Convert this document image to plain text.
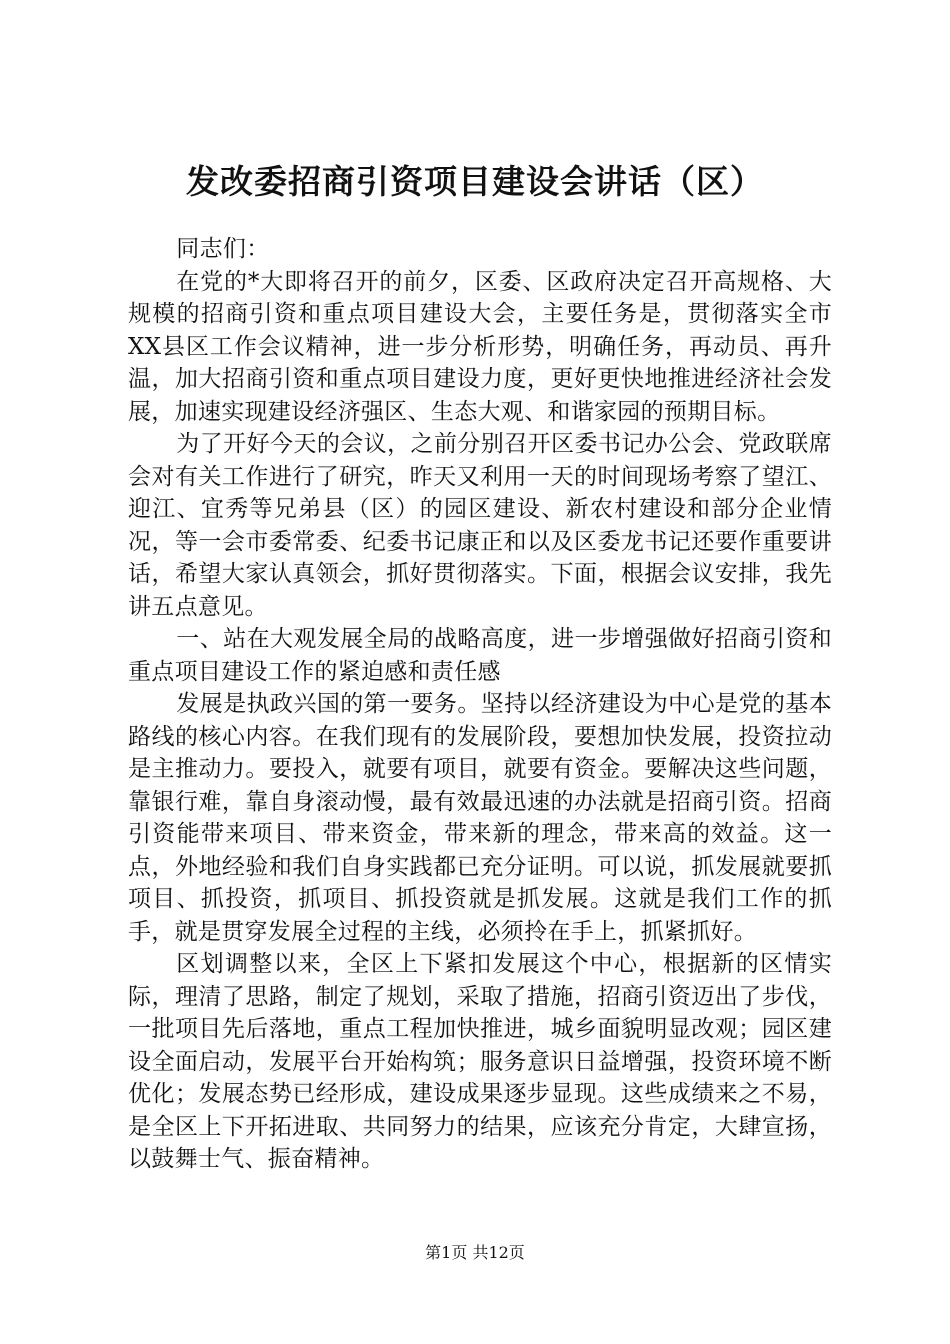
发改委招商引资项目建设会讲话（区）

同志们：

在党的*大即将召开的前夕，区委、区政府决定召开高规格、大规模的招商引资和重点项目建设大会，主要任务是，贯彻落实全市XX县区工作会议精神，进一步分析形势，明确任务，再动员、再升温，加大招商引资和重点项目建设力度，更好更快地推进经济社会发展，加速实现建设经济强区、生态大观、和谐家园的预期目标。

为了开好今天的会议，之前分别召开区委书记办公会、党政联席会对有关工作进行了研究，昨天又利用一天的时间现场考察了望江、迎江、宜秀等兄弟县（区）的园区建设、新农村建设和部分企业情况，等一会市委常委、纪委书记康正和以及区委龙书记还要作重要讲话，希望大家认真领会，抓好贯彻落实。下面，根据会议安排，我先讲五点意见。

一、站在大观发展全局的战略高度，进一步增强做好招商引资和重点项目建设工作的紧迫感和责任感

发展是执政兴国的第一要务。坚持以经济建设为中心是党的基本路线的核心内容。在我们现有的发展阶段，要想加快发展，投资拉动是主推动力。要投入，就要有项目，就要有资金。要解决这些问题，靠银行难，靠自身滚动慢，最有效最迅速的办法就是招商引资。招商引资能带来项目、带来资金，带来新的理念，带来高的效益。这一点，外地经验和我们自身实践都已充分证明。可以说，抓发展就要抓项目、抓投资，抓项目、抓投资就是抓发展。这就是我们工作的抓手，就是贯穿发展全过程的主线，必须拎在手上，抓紧抓好。

区划调整以来，全区上下紧扣发展这个中心，根据新的区情实际，理清了思路，制定了规划，采取了措施，招商引资迈出了步伐，一批项目先后落地，重点工程加快推进，城乡面貌明显改观；园区建设全面启动，发展平台开始构筑；服务意识日益增强，投资环境不断优化；发展态势已经形成，建设成果逐步显现。这些成绩来之不易，是全区上下开拓进取、共同努力的结果，应该充分肯定，大肆宣扬，以鼓舞士气、振奋精神。

第1页 共12页
